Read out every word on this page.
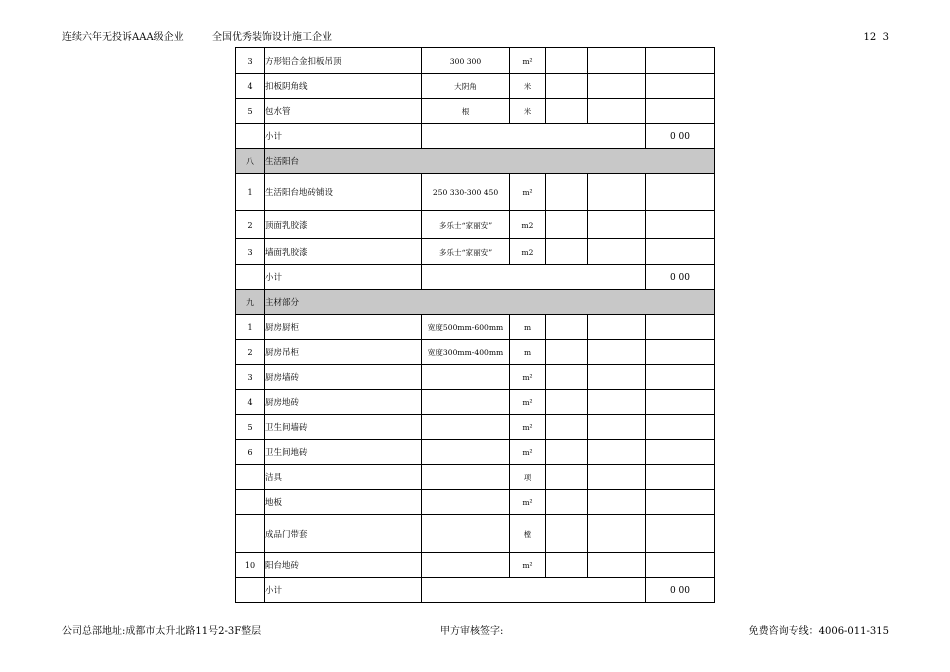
连续六年无投诉AAA级企业	全国优秀装饰设计施工企业	12  3
3	方形铝合金扣板吊顶	300 300	m²			
4	扣板阴角线	大阴角	米			
5	包水管	根	米			
	小计					0 00
八	生活阳台					
1	生活阳台地砖铺设	250 330-300 450	m²			
2	顶面乳胶漆	多乐士“家丽安”	m2			
3	墙面乳胶漆	多乐士“家丽安”	m2			
	小计					0 00
九	主材部分					
1	厨房厨柜	宽度500mm-600mm	m			
2	厨房吊柜	宽度300mm-400mm	m			
3	厨房墙砖		m²			
4	厨房地砖		m²			
5	卫生间墙砖		m²			
6	卫生间地砖		m²			
	洁具		项			
	地板		m²			
	成品门带套		樘			
10	阳台地砖		m²			
	小计					0 00
公司总部地址:成都市太升北路11号2-3F整层	甲方审核签字:	免费咨询专线：4006-011-315
